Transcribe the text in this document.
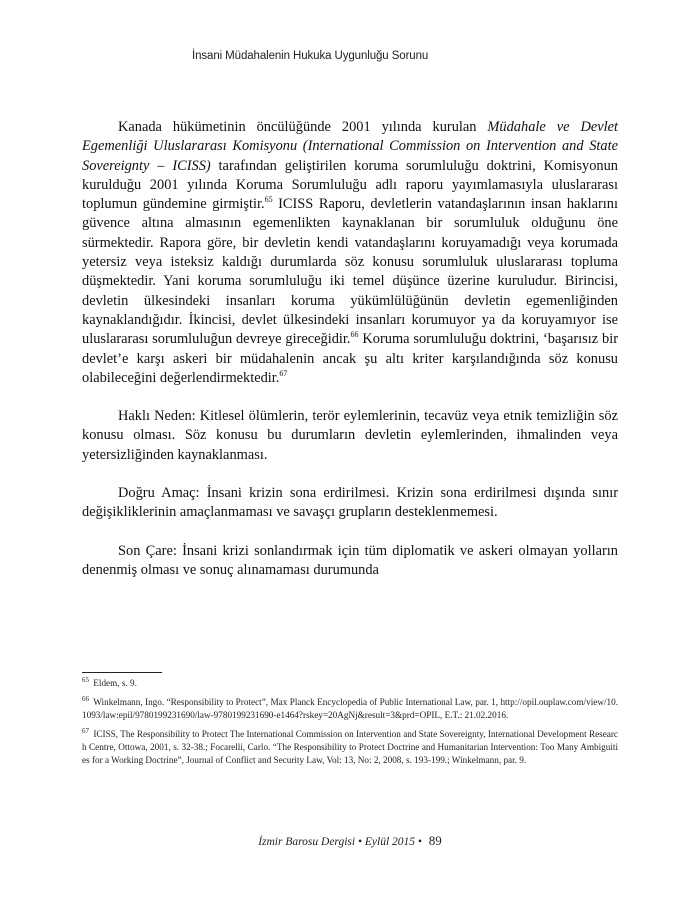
İnsani Müdahalenin Hukuka Uygunluğu Sorunu

Kanada hükümetinin öncülüğünde 2001 yılında kurulan Müdahale ve Devlet Egemenliği Uluslararası Komisyonu (International Commission on Intervention and State Sovereignty – ICISS) tarafından geliştirilen koruma sorumluluğu doktrini, Komisyonun kurulduğu 2001 yılında Koruma Sorumluluğu adlı raporu yayımlamasıyla uluslararası toplumun gündemine girmiştir.$^{65}$ ICISS Raporu, devletlerin vatandaşlarının insan haklarını güvence altına almasının egemenlikten kaynaklanan bir sorumluluk olduğunu öne sürmektedir. Rapora göre, bir devletin kendi vatandaşlarını koruyamadığı veya korumada yetersiz veya isteksiz kaldığı durumlarda söz konusu sorumluluk uluslararası topluma düşmektedir. Yani koruma sorumluluğu iki temel düşünce üzerine kuruludur. Birincisi, devletin ülkesindeki insanları koruma yükümlülüğünün devletin egemenliğinden kaynaklandığıdır. İkincisi, devlet ülkesindeki insanları korumuyor ya da koruyamıyor ise uluslararası sorumluluğun devreye gireceğidir.$^{66}$ Koruma sorumluluğu doktrini, ‘başarısız bir devlet’e karşı askeri bir müdahalenin ancak şu altı kriter karşılandığında söz konusu olabileceğini değerlendirmektedir.$^{67}$

Haklı Neden: Kitlesel ölümlerin, terör eylemlerinin, tecavüz veya etnik temizliğin söz konusu olması. Söz konusu bu durumların devletin eylemlerinden, ihmalinden veya yetersizliğinden kaynaklanması.

Doğru Amaç: İnsani krizin sona erdirilmesi. Krizin sona erdirilmesi dışında sınır değişikliklerinin amaçlanmaması ve savaşçı grupların desteklenmemesi.

Son Çare: İnsani krizi sonlandırmak için tüm diplomatik ve askeri olmayan yolların denenmiş olması ve sonuç alınamaması durumunda

$^{65}$ Eldem, s. 9.

$^{66}$ Winkelmann, Ingo. “Responsibility to Protect”, Max Planck Encyclopedia of Public International Law, par. 1, http://opil.ouplaw.com/view/10.1093/law:epil/9780199231690/law-9780199231690-e1464?rskey=20AgNj&result=3&prd=OPIL, E.T.: 21.02.2016.

$^{67}$ ICISS, The Responsibility to Protect The International Commission on Intervention and State Sovereignty, International Development Research Centre, Ottowa, 2001, s. 32-38.; Focarelli, Carlo. “The Responsibility to Protect Doctrine and Humanitarian Intervention: Too Many Ambiguities for a Working Doctrine”, Journal of Conflict and Security Law, Vol: 13, No: 2, 2008, s. 193-199.; Winkelmann, par. 9.

İzmir Barosu Dergisi • Eylül 2015 • 89
